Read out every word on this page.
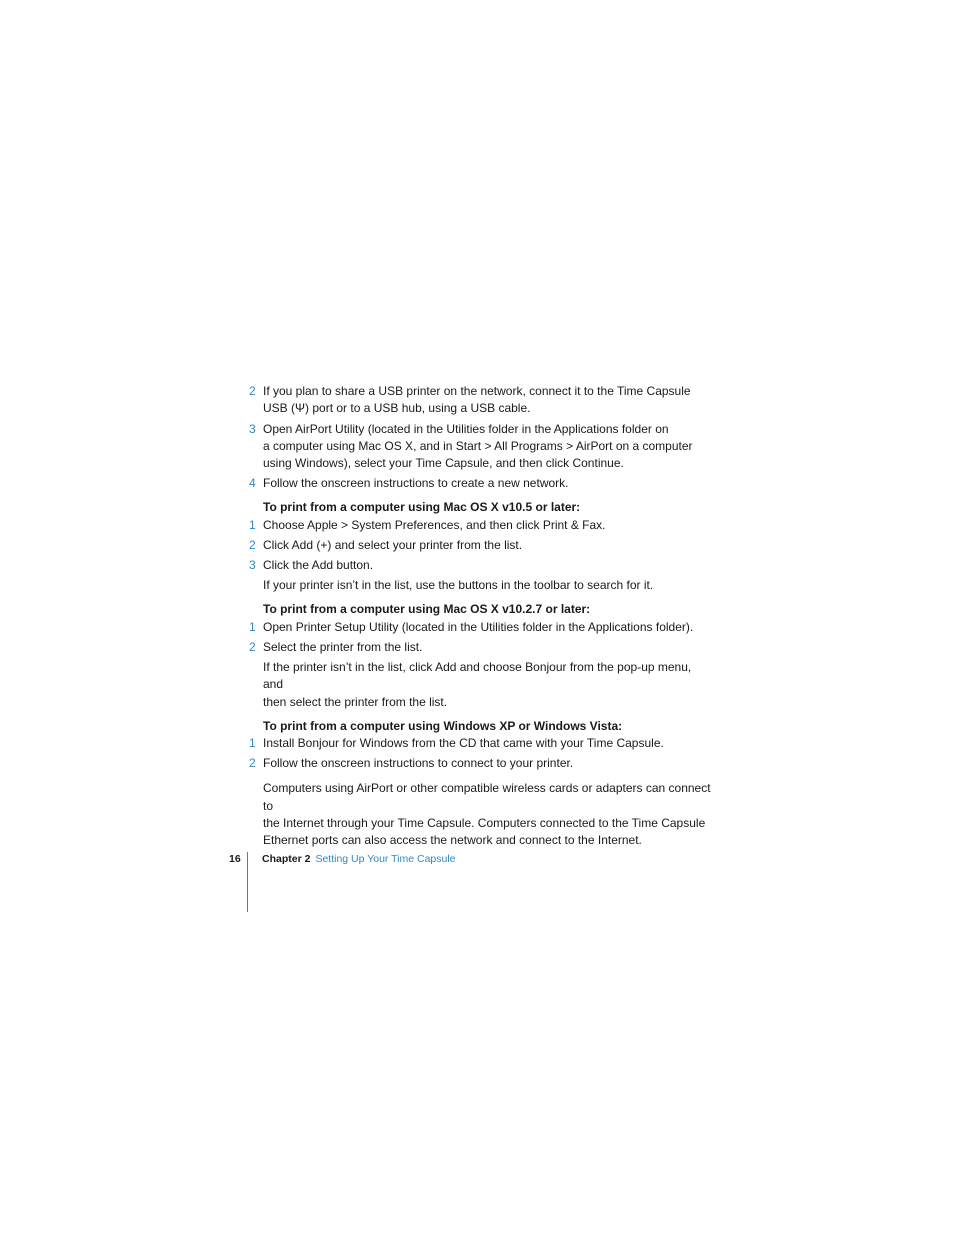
2 If you plan to share a USB printer on the network, connect it to the Time Capsule
USB (Ψ) port or to a USB hub, using a USB cable.
3 Open AirPort Utility (located in the Utilities folder in the Applications folder on
a computer using Mac OS X, and in Start > All Programs > AirPort on a computer
using Windows), select your Time Capsule, and then click Continue.
4 Follow the onscreen instructions to create a new network.
To print from a computer using Mac OS X v10.5 or later:
1 Choose Apple > System Preferences, and then click Print & Fax.
2 Click Add (+) and select your printer from the list.
3 Click the Add button.
If your printer isn’t in the list, use the buttons in the toolbar to search for it.
To print from a computer using Mac OS X v10.2.7 or later:
1 Open Printer Setup Utility (located in the Utilities folder in the Applications folder).
2 Select the printer from the list.
If the printer isn’t in the list, click Add and choose Bonjour from the pop-up menu, and
then select the printer from the list.
To print from a computer using Windows XP or Windows Vista:
1 Install Bonjour for Windows from the CD that came with your Time Capsule.
2 Follow the onscreen instructions to connect to your printer.
Computers using AirPort or other compatible wireless cards or adapters can connect to
the Internet through your Time Capsule. Computers connected to the Time Capsule
Ethernet ports can also access the network and connect to the Internet.
16 Chapter 2 Setting Up Your Time Capsule
